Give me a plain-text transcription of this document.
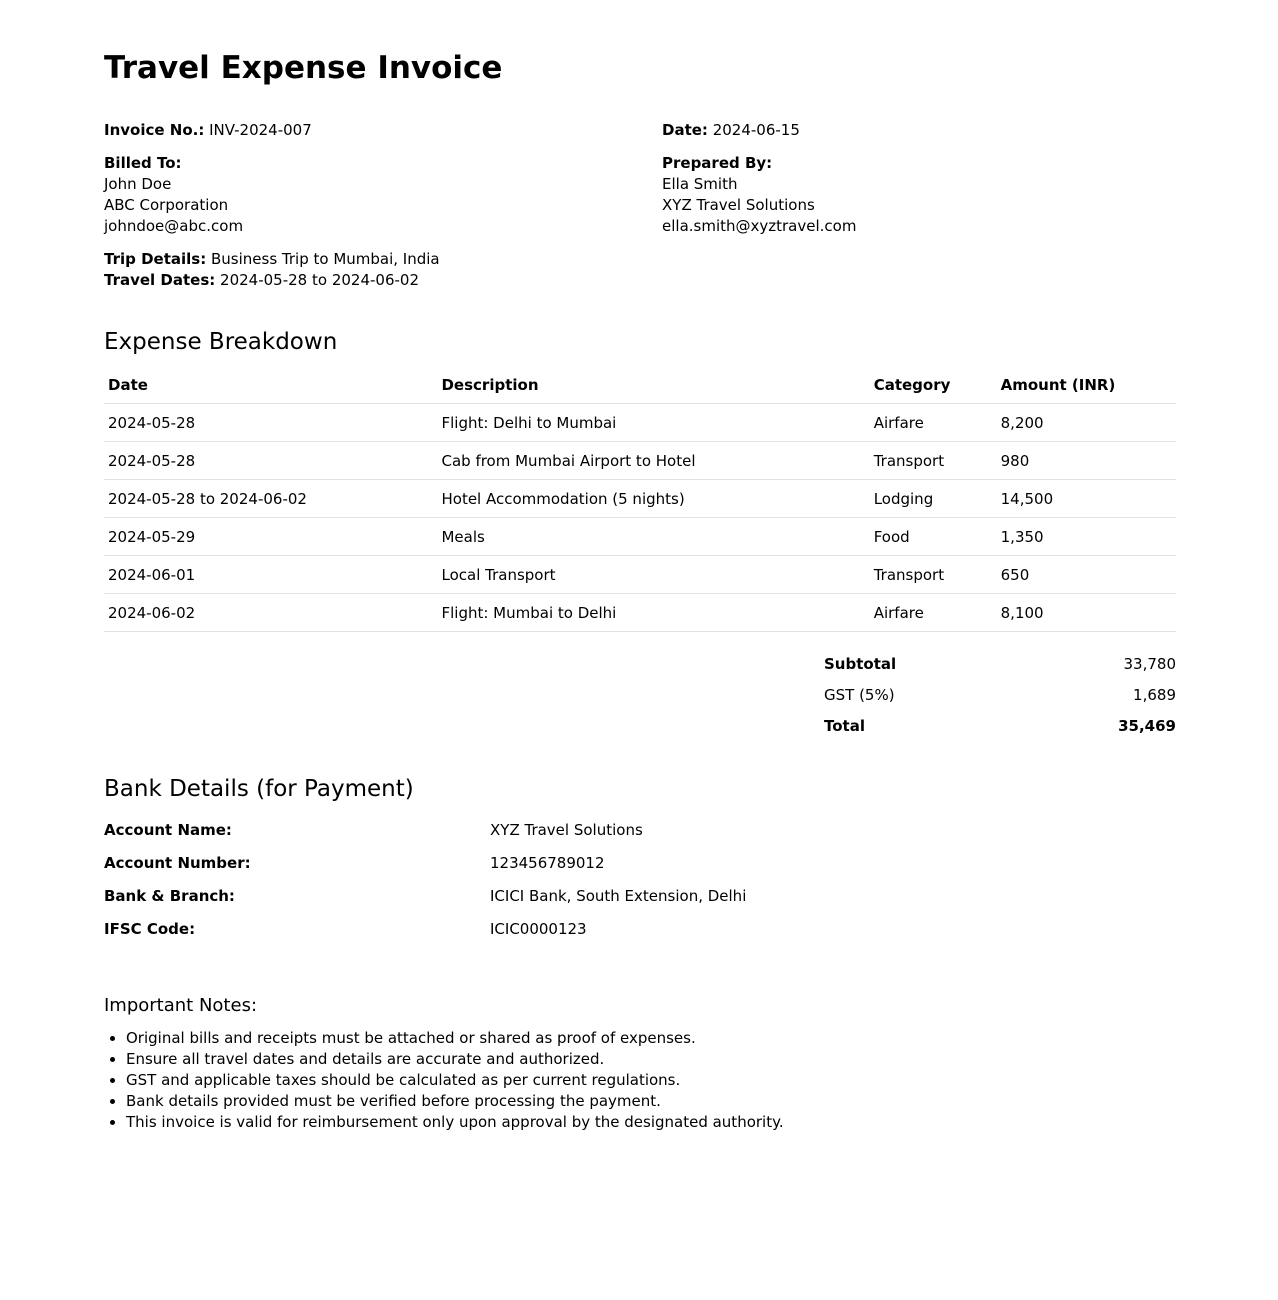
Travel Expense Invoice
Invoice No.: INV-2024-007
Billed To:
John Doe
ABC Corporation
johndoe@abc.com
Trip Details: Business Trip to Mumbai, India
Travel Dates: 2024-05-28 to 2024-06-02
Date: 2024-06-15
Prepared By:
Ella Smith
XYZ Travel Solutions
ella.smith@xyztravel.com
Expense Breakdown
Date	Description	Category	Amount (INR)
2024-05-28	Flight: Delhi to Mumbai	Airfare	8,200
2024-05-28	Cab from Mumbai Airport to Hotel	Transport	980
2024-05-28 to 2024-06-02	Hotel Accommodation (5 nights)	Lodging	14,500
2024-05-29	Meals	Food	1,350
2024-06-01	Local Transport	Transport	650
2024-06-02	Flight: Mumbai to Delhi	Airfare	8,100
Subtotal	33,780
GST (5%)	1,689
Total	35,469
Bank Details (for Payment)
Account Name:	XYZ Travel Solutions
Account Number:	123456789012
Bank & Branch:	ICICI Bank, South Extension, Delhi
IFSC Code:	ICIC0000123
Important Notes:
• Original bills and receipts must be attached or shared as proof of expenses.
• Ensure all travel dates and details are accurate and authorized.
• GST and applicable taxes should be calculated as per current regulations.
• Bank details provided must be verified before processing the payment.
• This invoice is valid for reimbursement only upon approval by the designated authority.
